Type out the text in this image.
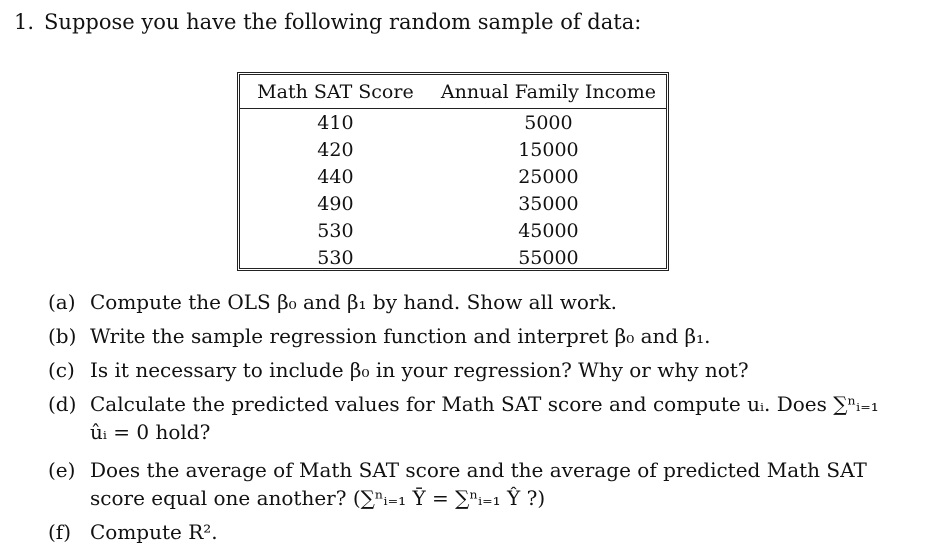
1. Suppose you have the following random sample of data:
Math SAT Score	Annual Family Income
410	5000
420	15000
440	25000
490	35000
530	45000
530	55000
(a) Compute the OLS β₀ and β₁ by hand. Show all work.
(b) Write the sample regression function and interpret β₀ and β₁.
(c) Is it necessary to include β₀ in your regression? Why or why not?
(d) Calculate the predicted values for Math SAT score and compute uᵢ. Does ∑ⁿᵢ₌₁ ûᵢ = 0 hold?
(e) Does the average of Math SAT score and the average of predicted Math SAT score equal one another? (∑ⁿᵢ₌₁ Ȳ = ∑ⁿᵢ₌₁ Ŷ ?)
(f) Compute R².
